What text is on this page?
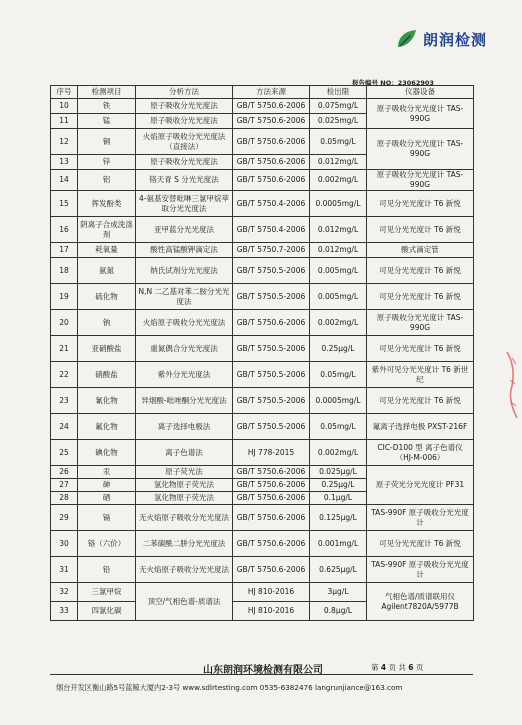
朗润检测
报告编号 NO：23062903
序号	检测项目	分析方法	方法来源	检出限	仪器设备
10	铁	原子吸收分光光度法	GB/T 5750.6-2006	0.075mg/L	原子吸收分光光度计 TAS-990G
11	锰	原子吸收分光光度法	GB/T 5750.6-2006	0.025mg/L	
12	铜	火焰原子吸收分光光度法（直接法）	GB/T 5750.6-2006	0.05mg/L	原子吸收分光光度计 TAS-990G
13	锌	原子吸收分光光度法	GB/T 5750.6-2006	0.012mg/L	
14	铝	铬天青 S 分光光度法	GB/T 5750.6-2006	0.002mg/L	原子吸收分光光度计 TAS-990G
15	挥发酚类	4-氨基安替吡啉三氯甲烷萃取分光光度法	GB/T 5750.4-2006	0.0005mg/L	可见分光光度计 T6 新悦
16	阴离子合成洗涤剂	亚甲蓝分光光度法	GB/T 5750.4-2006	0.012mg/L	可见分光光度计 T6 新悦
17	耗氧量	酸性高锰酸钾滴定法	GB/T 5750.7-2006	0.012mg/L	酸式滴定管
18	氨氮	纳氏试剂分光光度法	GB/T 5750.5-2006	0.005mg/L	可见分光光度计 T6 新悦
19	硫化物	N,N 二乙基对苯二胺分光光度法	GB/T 5750.5-2006	0.005mg/L	可见分光光度计 T6 新悦
20	钠	火焰原子吸收分光光度法	GB/T 5750.6-2006	0.002mg/L	原子吸收分光光度计 TAS-990G
21	亚硝酸盐	重氮偶合分光光度法	GB/T 5750.5-2006	0.25μg/L	可见分光光度计 T6 新悦
22	硝酸盐	紫外分光光度法	GB/T 5750.5-2006	0.05mg/L	紫外可见分光光度计 T6 新世纪
23	氰化物	异烟酸-吡唑酮分光光度法	GB/T 5750.5-2006	0.0005mg/L	可见分光光度计 T6 新悦
24	氟化物	离子选择电极法	GB/T 5750.5-2006	0.05mg/L	氟离子选择电极 PXST-216F
25	碘化物	离子色谱法	HJ 778-2015	0.002mg/L	CIC-D100 型 离子色谱仪（HJ-M-006）
26	汞	原子荧光法	GB/T 5750.6-2006	0.025μg/L	原子荧光分光光度计 PF31
27	砷	氢化物原子荧光法	GB/T 5750.6-2006	0.25μg/L	
28	硒	氢化物原子荧光法	GB/T 5750.6-2006	0.1μg/L	
29	镉	无火焰原子吸收分光光度法	GB/T 5750.6-2006	0.125μg/L	TAS-990F 原子吸收分光光度计
30	铬（六价）	二苯碳酰二肼分光光度法	GB/T 5750.6-2006	0.001mg/L	可见分光光度计 T6 新悦
31	铅	无火焰原子吸收分光光度法	GB/T 5750.6-2006	0.625μg/L	TAS-990F 原子吸收分光光度计
32	三氯甲烷	顶空/气相色谱-质谱法	HJ 810-2016	3μg/L	气相色谱/质谱联用仪 Agilent7820A/5977B
33	四氯化碳		HJ 810-2016	0.8μg/L	
山东朗润环境检测有限公司	第 4 页 共 6 页
烟台开发区衡山路5号蓝鲸大厦内2-3号 www.sdlrtesting.com 0535-6382476 langrunjiance@163.com
